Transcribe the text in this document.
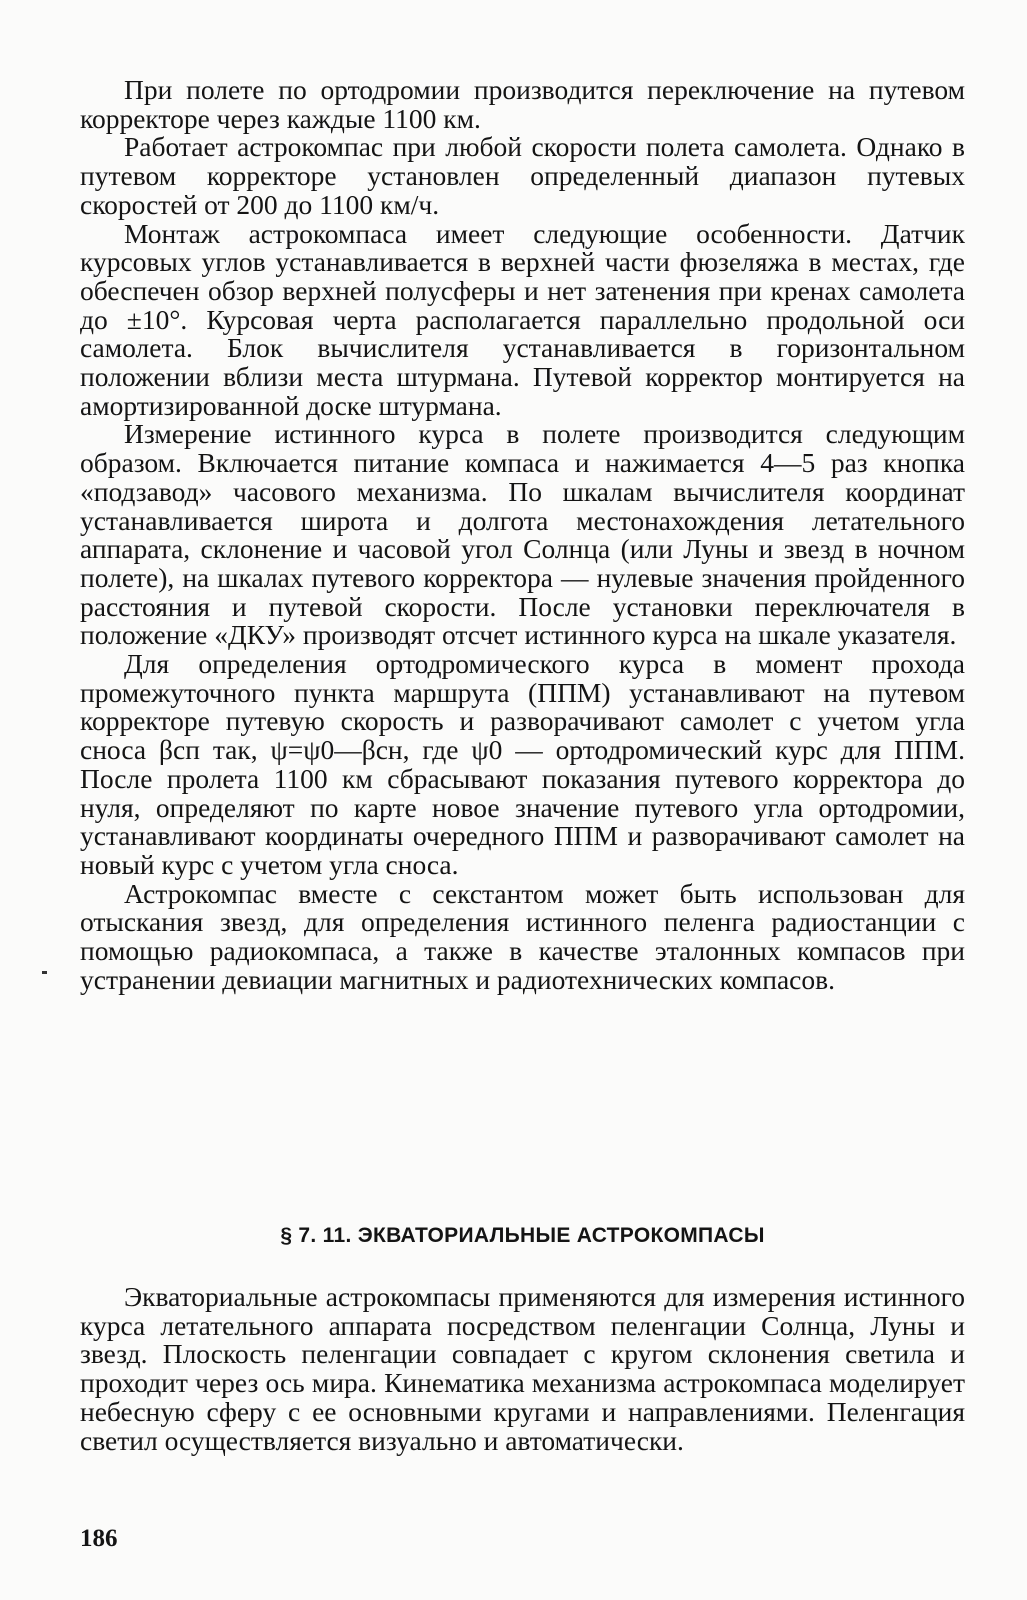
При полете по ортодромии производится переключение на путевом корректоре через каждые 1100 км.

Работает астрокомпас при любой скорости полета самолета. Однако в путевом корректоре установлен определенный диапазон путевых скоростей от 200 до 1100 км/ч.

Монтаж астрокомпаса имеет следующие особенности. Датчик курсовых углов устанавливается в верхней части фюзеляжа в местах, где обеспечен обзор верхней полусферы и нет затенения при кренах самолета до ±10°. Курсовая черта располагается параллельно продольной оси самолета. Блок вычислителя устанавливается в горизонтальном положении вблизи места штурмана. Путевой корректор монтируется на амортизированной доске штурмана.

Измерение истинного курса в полете производится следующим образом. Включается питание компаса и нажимается 4—5 раз кнопка «подзавод» часового механизма. По шкалам вычислителя координат устанавливается широта и долгота местонахождения летательного аппарата, склонение и часовой угол Солнца (или Луны и звезд в ночном полете), на шкалах путевого корректора — нулевые значения пройденного расстояния и путевой скорости. После установки переключателя в положение «ДКУ» производят отсчет истинного курса на шкале указателя.

Для определения ортодромического курса в момент прохода промежуточного пункта маршрута (ППМ) устанавливают на путевом корректоре путевую скорость и разворачивают самолет с учетом угла сноса βсп так, ψ=ψ0—βсн, где ψ0 — ортодромический курс для ППМ. После пролета 1100 км сбрасывают показания путевого корректора до нуля, определяют по карте новое значение путевого угла ортодромии, устанавливают координаты очередного ППМ и разворачивают самолет на новый курс с учетом угла сноса.

Астрокомпас вместе с секстантом может быть использован для отыскания звезд, для определения истинного пеленга радиостанции с помощью радиокомпаса, а также в качестве эталонных компасов при устранении девиации магнитных и радиотехнических компасов.

§ 7. 11. ЭКВАТОРИАЛЬНЫЕ АСТРОКОМПАСЫ

Экваториальные астрокомпасы применяются для измерения истинного курса летательного аппарата посредством пеленгации Солнца, Луны и звезд. Плоскость пеленгации совпадает с кругом склонения светила и проходит через ось мира. Кинематика механизма астрокомпаса моделирует небесную сферу с ее основными кругами и направлениями. Пеленгация светил осуществляется визуально и автоматически.

186
